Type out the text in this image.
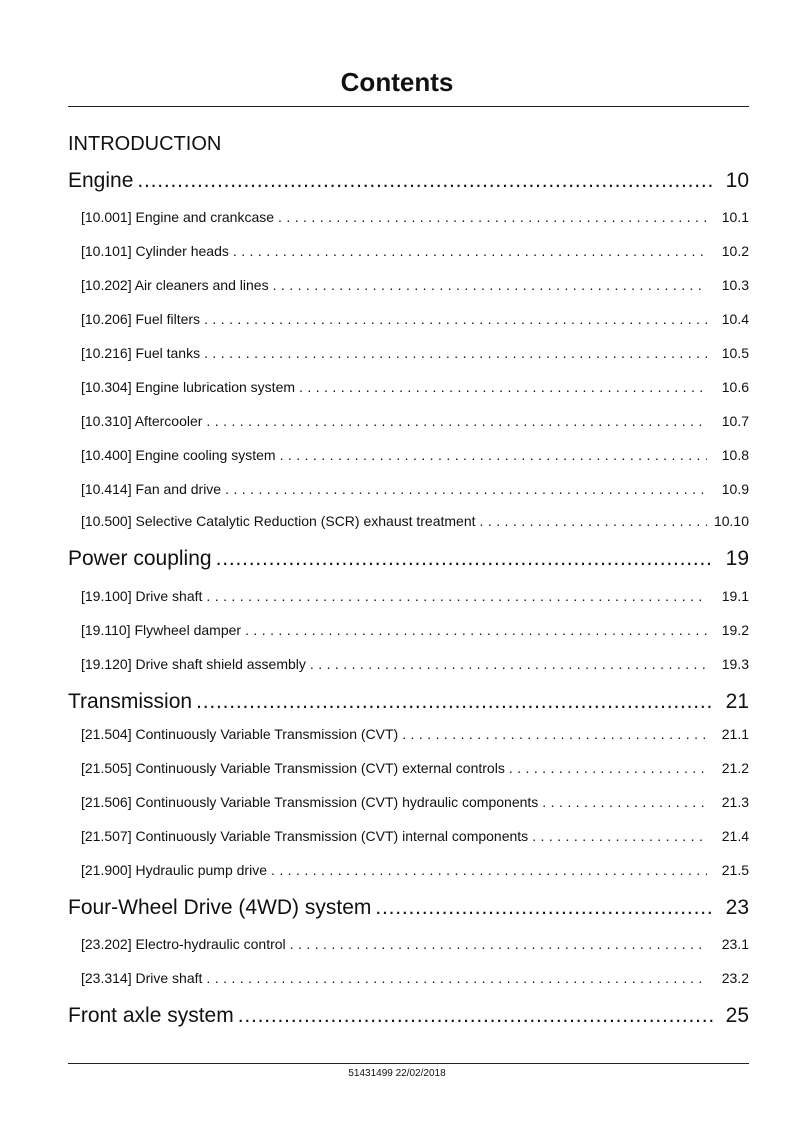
Contents
INTRODUCTION
Engine . . .	10
[10.001] Engine and crankcase . . .	10.1
[10.101] Cylinder heads . . .	10.2
[10.202] Air cleaners and lines . . .	10.3
[10.206] Fuel filters . . .	10.4
[10.216] Fuel tanks . . .	10.5
[10.304] Engine lubrication system . . .	10.6
[10.310] Aftercooler . . .	10.7
[10.400] Engine cooling system . . .	10.8
[10.414] Fan and drive . . .	10.9
[10.500] Selective Catalytic Reduction (SCR) exhaust treatment . . .	10.10
Power coupling . . .	19
[19.100] Drive shaft . . .	19.1
[19.110] Flywheel damper . . .	19.2
[19.120] Drive shaft shield assembly . . .	19.3
Transmission . . .	21
[21.504] Continuously Variable Transmission (CVT) . . .	21.1
[21.505] Continuously Variable Transmission (CVT) external controls . . .	21.2
[21.506] Continuously Variable Transmission (CVT) hydraulic components . . .	21.3
[21.507] Continuously Variable Transmission (CVT) internal components . . .	21.4
[21.900] Hydraulic pump drive . . .	21.5
Four-Wheel Drive (4WD) system . . .	23
[23.202] Electro-hydraulic control . . .	23.1
[23.314] Drive shaft . . .	23.2
Front axle system . . .	25
51431499 22/02/2018
